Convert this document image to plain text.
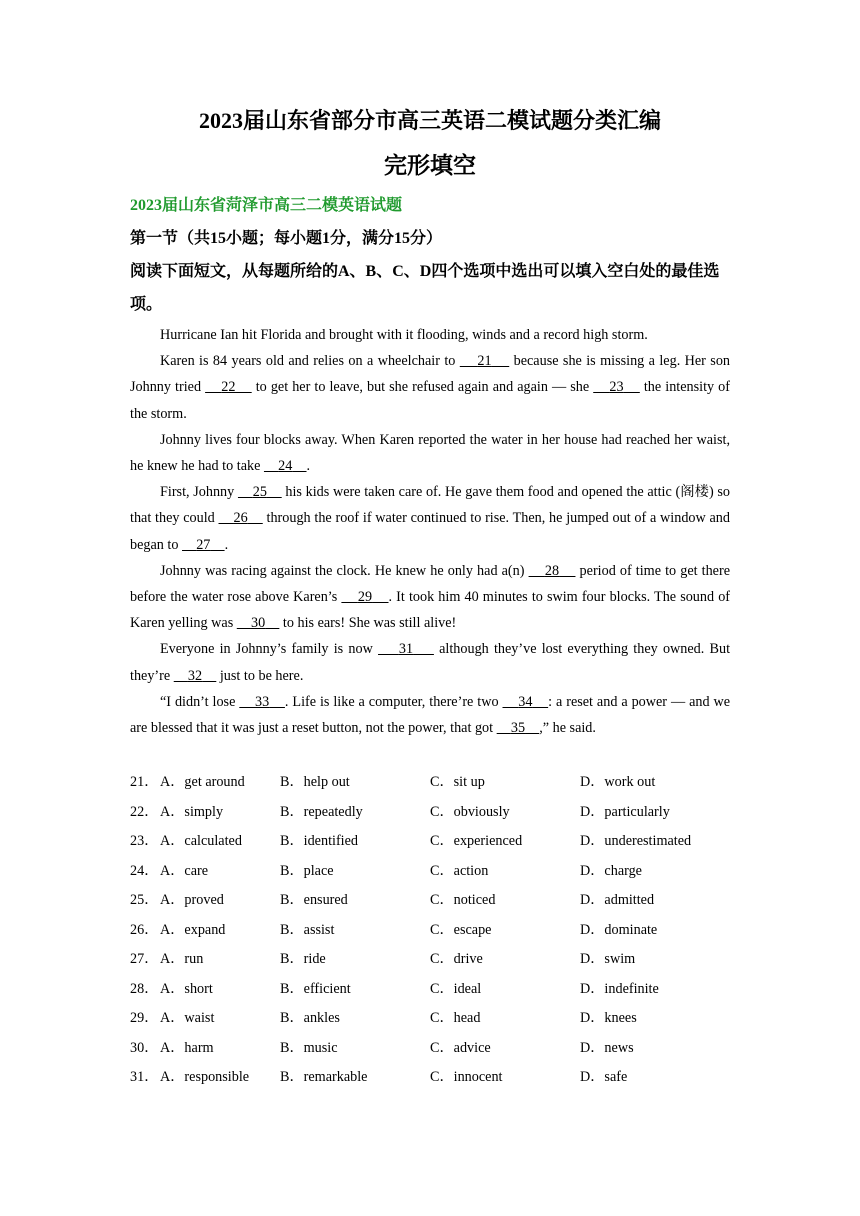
2023届山东省部分市高三英语二模试题分类汇编
完形填空
2023届山东省菏泽市高三二模英语试题
第一节（共15小题；每小题1分，满分15分）
阅读下面短文，从每题所给的A、B、C、D四个选项中选出可以填入空白处的最佳选项。

Hurricane Ian hit Florida and brought with it flooding, winds and a record high storm.

Karen is 84 years old and relies on a wheelchair to     21     because she is missing a leg. Her son Johnny tried     22     to get her to leave, but she refused again and again — she     23     the intensity of the storm.

Johnny lives four blocks away. When Karen reported the water in her house had reached her waist, he knew he had to take     24 .

First, Johnny     25     his kids were taken care of. He gave them food and opened the attic (阁楼) so that they could     26     through the roof if water continued to rise. Then, he jumped out of a window and began to     27 .

Johnny was racing against the clock. He knew he only had a(n)     28     period of time to get there before the water rose above Karen’s     29 . It took him 40 minutes to swim four blocks. The sound of Karen yelling was     30     to his ears! She was still alive!

Everyone in Johnny’s family is now     31     although they’ve lost everything they owned. But they’re     32     just to be here.

“I didn’t lose     33 . Life is like a computer, there’re two     34 : a reset and a power — and we are blessed that it was just a reset button, not the power, that got     35 ,” he said.

21． A．get around B．help out	C．sit up	D．work out
22． A．simply	B．repeatedly	C．obviously	D．particularly
23． A．calculated	B．identified	C．experienced	D．underestimated
24． A．care	B．place	C．action	D．charge
25． A．proved	B．ensured	C．noticed	D．admitted
26． A．expand	B．assist	C．escape	D．dominate
27． A．run	B．ride	C．drive	D．swim
28． A．short	B．efficient	C．ideal	D．indefinite
29． A．waist	B．ankles	C．head	D．knees
30． A．harm	B．music	C．advice	D．news
31． A．responsible B．remarkable	C．innocent	D．safe
